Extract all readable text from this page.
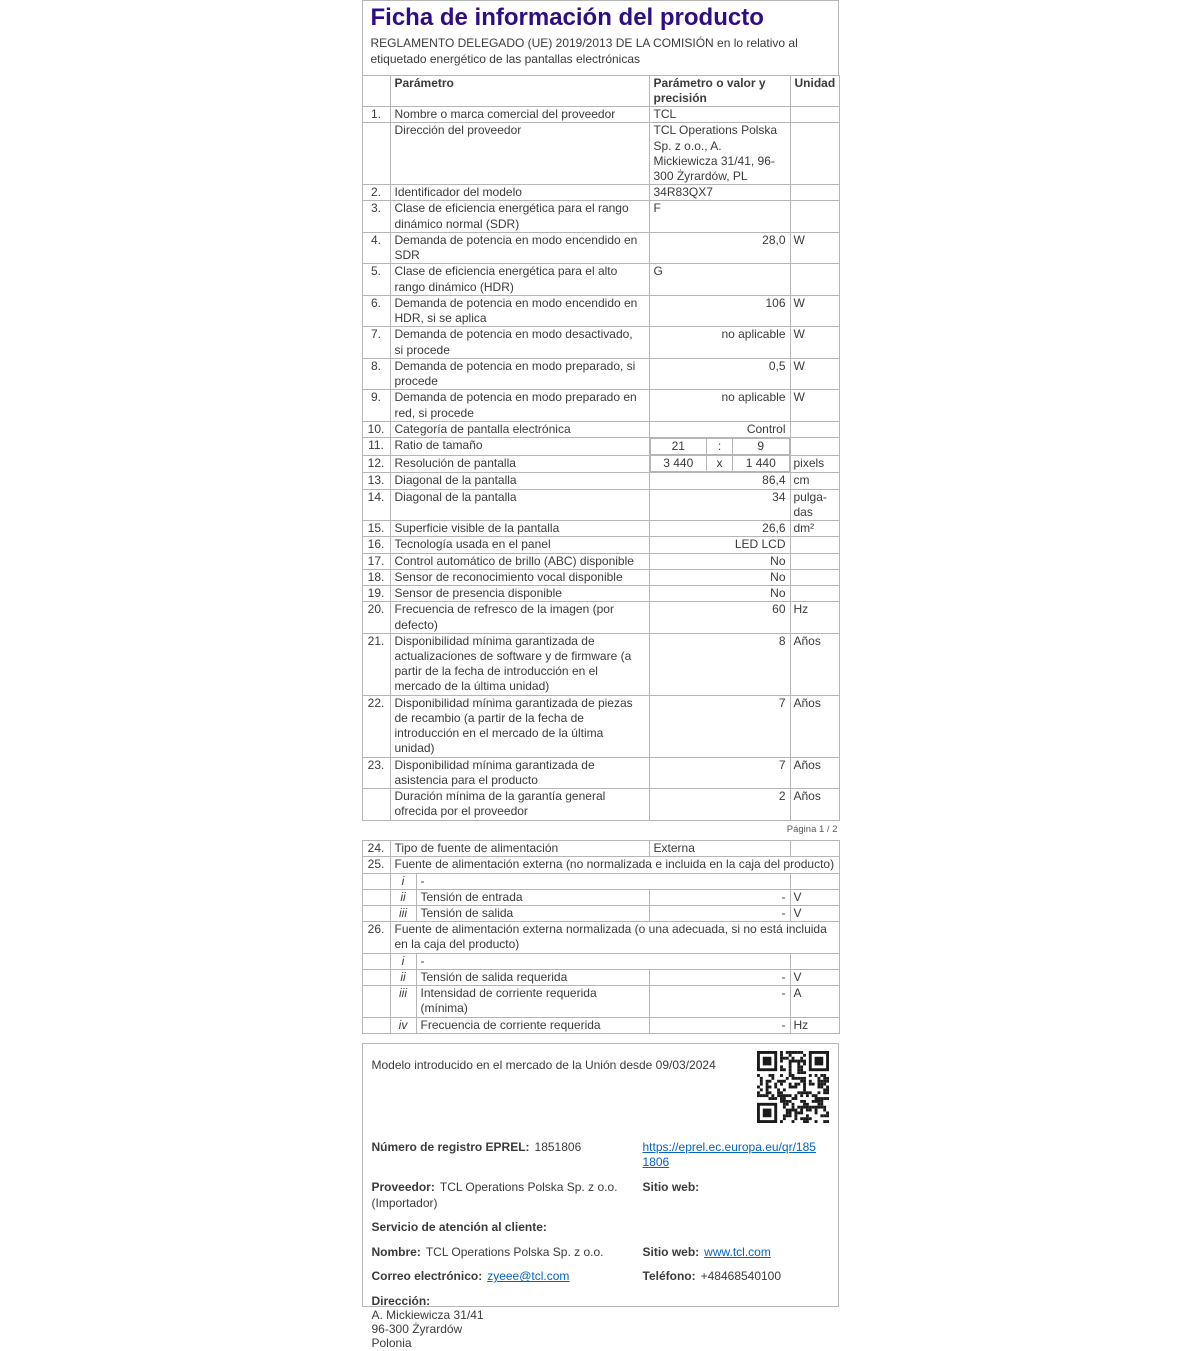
Ficha de información del producto

REGLAMENTO DELEGADO (UE) 2019/2013 DE LA COMISIÓN en lo relativo al etiquetado energético de las pantallas electrónicas

	Parámetro	Parámetro o valor y precisión	Unidad
1.	Nombre o marca comercial del proveedor	TCL	
	Dirección del proveedor	TCL Operations Polska Sp. z o.o., A. Mickiewicza 31/41, 96-300 Żyrardów, PL	
2.	Identificador del modelo	34R83QX7	
3.	Clase de eficiencia energética para el rango dinámico normal (SDR)	F	
4.	Demanda de potencia en modo encendido en SDR	28,0	W
5.	Clase de eficiencia energética para el alto rango dinámico (HDR)	G	
6.	Demanda de potencia en modo encendido en HDR, si se aplica	106	W
7.	Demanda de potencia en modo desactivado, si procede	no aplicable	W
8.	Demanda de potencia en modo preparado, si procede	0,5	W
9.	Demanda de potencia en modo preparado en red, si procede	no aplicable	W
10.	Categoría de pantalla electrónica	Control	
11.	Ratio de tamaño		21	:	9

12.	Resolución de pantalla		3 440	x	1 440	pixels
13.	Diagonal de la pantalla	86,4	cm
14.	Diagonal de la pantalla	34	pulgadas
15.	Superficie visible de la pantalla	26,6	dm²
16.	Tecnología usada en el panel	LED LCD	
17.	Control automático de brillo (ABC) disponible	No	
18.	Sensor de reconocimiento vocal disponible	No	
19.	Sensor de presencia disponible	No	
20.	Frecuencia de refresco de la imagen (por defecto)	60	Hz
21.	Disponibilidad mínima garantizada de actualizaciones de software y de firmware (a partir de la fecha de introducción en el mercado de la última unidad)	8	Años
22.	Disponibilidad mínima garantizada de piezas de recambio (a partir de la fecha de introducción en el mercado de la última unidad)	7	Años
23.	Disponibilidad mínima garantizada de asistencia para el producto	7	Años
	Duración mínima de la garantía general ofrecida por el proveedor	2	Años
Página 1 / 2
24.	Tipo de fuente de alimentación		Externa	
25.	Fuente de alimentación externa (no normalizada e incluida en la caja del producto)			
	i	-		
	ii	Tensión de entrada	-	V
	iii	Tensión de salida	-	V
26.	Fuente de alimentación externa normalizada (o una adecuada, si no está incluida en la caja del producto)			
	i	-		
	ii	Tensión de salida requerida	-	V
	iii	Intensidad de corriente requerida (mínima)	-	A
	iv	Frecuencia de corriente requerida	-	Hz
Modelo introducido en el mercado de la Unión desde 09/03/2024
Número de registro EPREL: 1851806	https://eprel.ec.europa.eu/qr/1851806
Proveedor: TCL Operations Polska Sp. z o.o. (Importador)
Sitio web:
Servicio de atención al cliente:
Nombre: TCL Operations Polska Sp. z o.o.	Sitio web: www.tcl.com
Correo electrónico: zyeee@tcl.com	Teléfono: +48468540100
Dirección:
A. Mickiewicza 31/41
96-300 Żyrardów
Polonia
